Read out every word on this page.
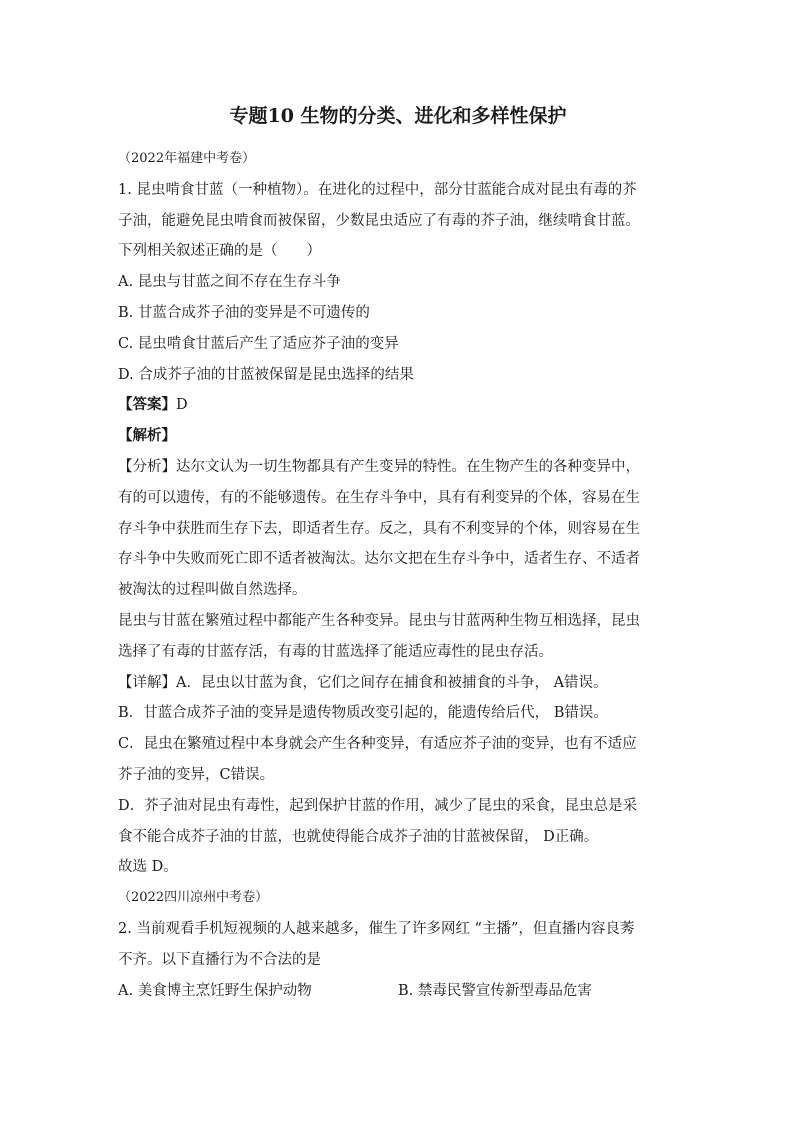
专题10 生物的分类、进化和多样性保护
（2022年福建中考卷）
1. 昆虫啃食甘蓝（一种植物）。在进化的过程中，部分甘蓝能合成对昆虫有毒的芥
子油，能避免昆虫啃食而被保留，少数昆虫适应了有毒的芥子油，继续啃食甘蓝。
下列相关叙述正确的是（　　）
A. 昆虫与甘蓝之间不存在生存斗争
B. 甘蓝合成芥子油的变异是不可遗传的
C. 昆虫啃食甘蓝后产生了适应芥子油的变异
D. 合成芥子油的甘蓝被保留是昆虫选择的结果
【答案】D
【解析】
【分析】达尔文认为一切生物都具有产生变异的特性。在生物产生的各种变异中，
有的可以遗传，有的不能够遗传。在生存斗争中，具有有利变异的个体，容易在生
存斗争中获胜而生存下去，即适者生存。反之，具有不利变异的个体，则容易在生
存斗争中失败而死亡即不适者被淘汰。达尔文把在生存斗争中，适者生存、不适者
被淘汰的过程叫做自然选择。
昆虫与甘蓝在繁殖过程中都能产生各种变异。昆虫与甘蓝两种生物互相选择，昆虫
选择了有毒的甘蓝存活，有毒的甘蓝选择了能适应毒性的昆虫存活。
【详解】A．昆虫以甘蓝为食，它们之间存在捕食和被捕食的斗争， A错误。
B．甘蓝合成芥子油的变异是遗传物质改变引起的，能遗传给后代， B错误。
C．昆虫在繁殖过程中本身就会产生各种变异，有适应芥子油的变异，也有不适应
芥子油的变异，C错误。
D．芥子油对昆虫有毒性，起到保护甘蓝的作用，减少了昆虫的采食，昆虫总是采
食不能合成芥子油的甘蓝，也就使得能合成芥子油的甘蓝被保留， D正确。
故选 D。
（2022四川凉州中考卷）
2. 当前观看手机短视频的人越来越多，催生了许多网红 “主播”，但直播内容良莠
不齐。以下直播行为不合法的是
A. 美食博主烹饪野生保护动物	B. 禁毒民警宣传新型毒品危害
